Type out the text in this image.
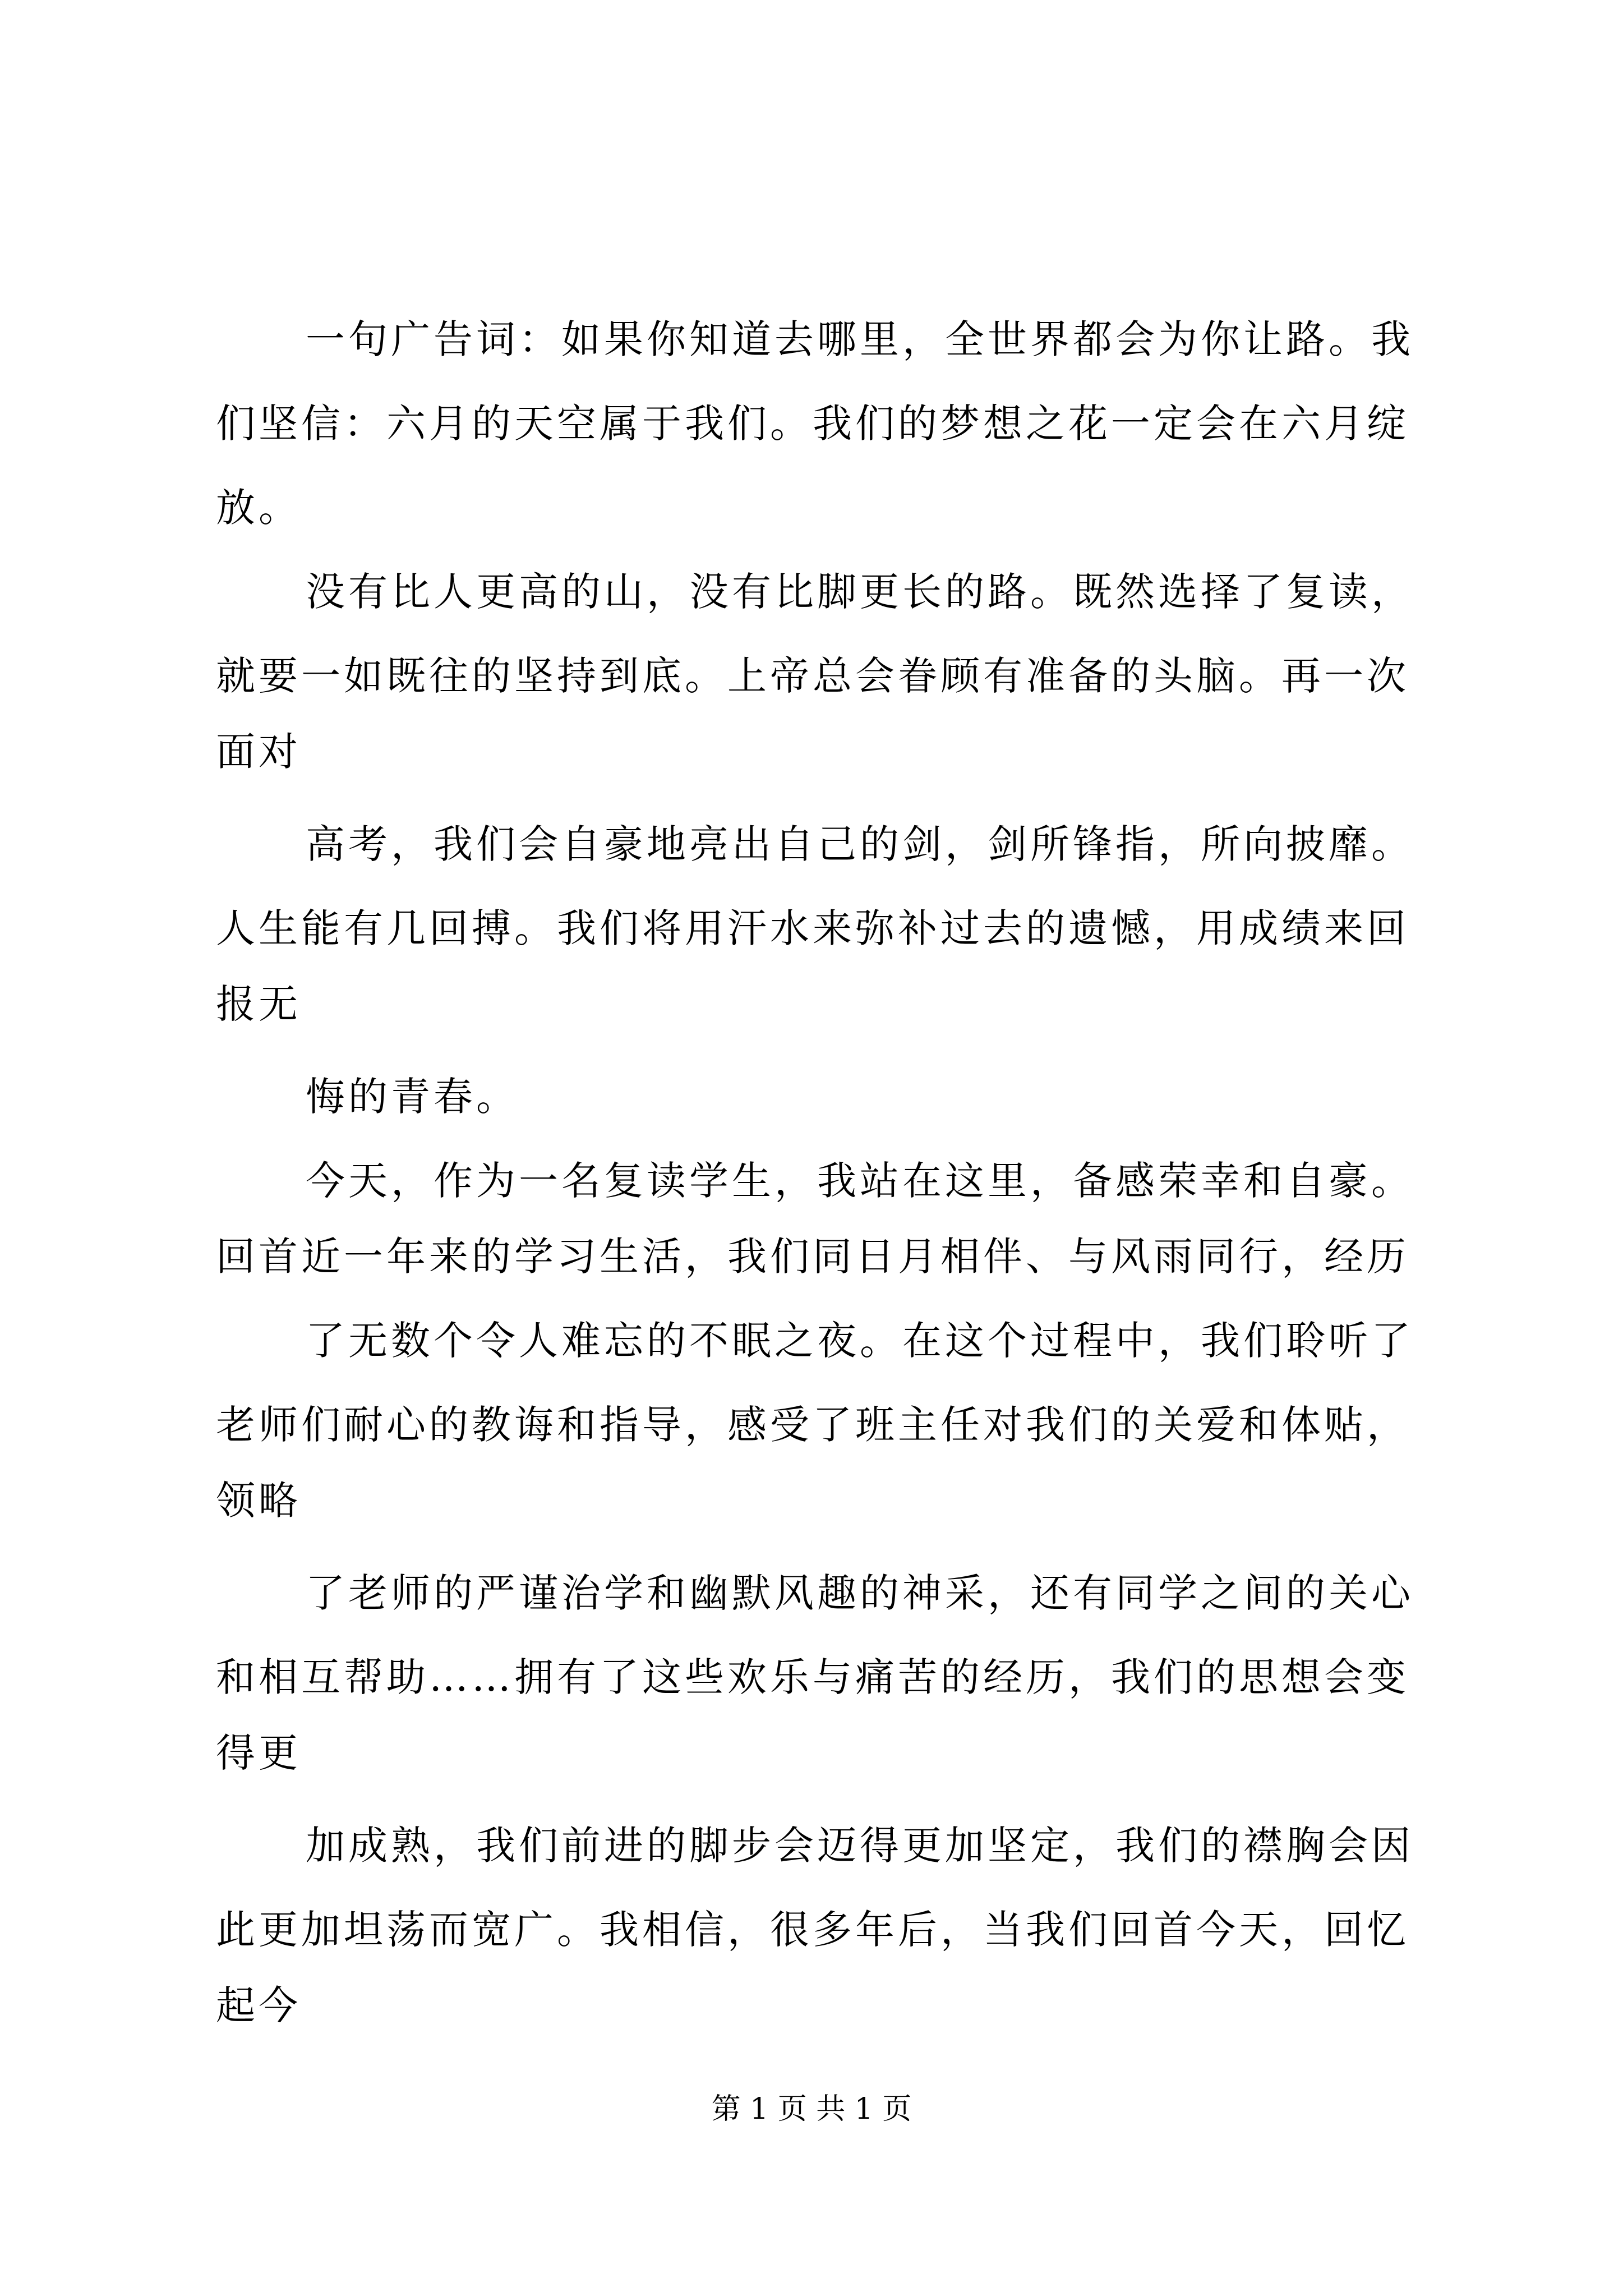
一句广告词：如果你知道去哪里，全世界都会为你让路。我
们坚信：六月的天空属于我们。我们的梦想之花一定会在六月绽
放。
没有比人更高的山，没有比脚更长的路。既然选择了复读，
就要一如既往的坚持到底。上帝总会眷顾有准备的头脑。再一次
面对
高考，我们会自豪地亮出自己的剑，剑所锋指，所向披靡。
人生能有几回搏。我们将用汗水来弥补过去的遗憾，用成绩来回
报无
悔的青春。
今天，作为一名复读学生，我站在这里，备感荣幸和自豪。
回首近一年来的学习生活，我们同日月相伴、与风雨同行，经历
了无数个令人难忘的不眠之夜。在这个过程中，我们聆听了
老师们耐心的教诲和指导，感受了班主任对我们的关爱和体贴，
领略
了老师的严谨治学和幽默风趣的神采，还有同学之间的关心
和相互帮助……拥有了这些欢乐与痛苦的经历，我们的思想会变
得更
加成熟，我们前进的脚步会迈得更加坚定，我们的襟胸会因
此更加坦荡而宽广。我相信，很多年后，当我们回首今天，回忆
起今
第 1 页 共 1 页
